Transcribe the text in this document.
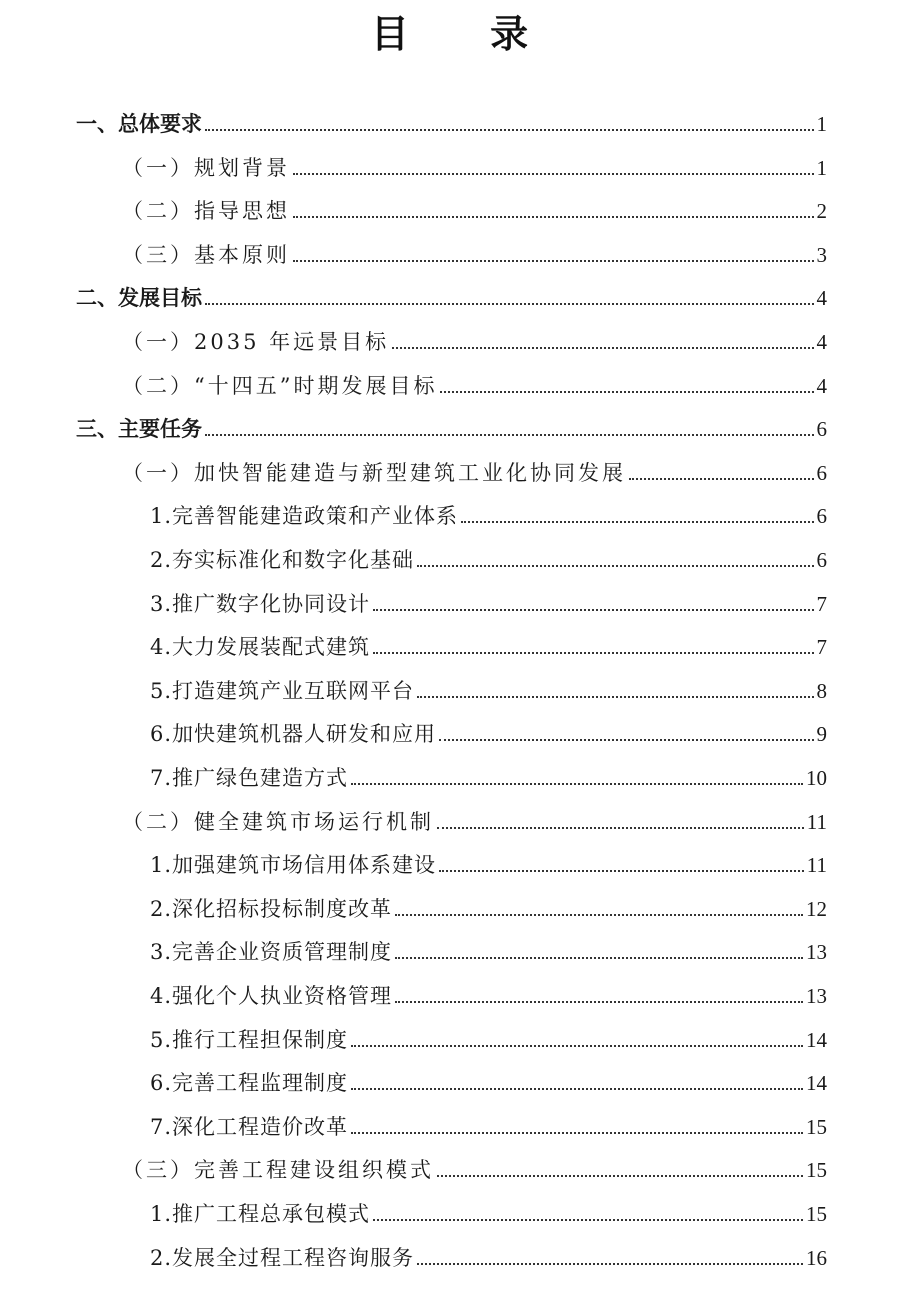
目 录
一、总体要求	1
（一）规划背景	1
（二）指导思想	2
（三）基本原则	3
二、发展目标	4
（一）2035 年远景目标	4
（二）“十四五”时期发展目标	4
三、主要任务	6
（一）加快智能建造与新型建筑工业化协同发展	6
1.完善智能建造政策和产业体系	6
2.夯实标准化和数字化基础	6
3.推广数字化协同设计	7
4.大力发展装配式建筑	7
5.打造建筑产业互联网平台	8
6.加快建筑机器人研发和应用	9
7.推广绿色建造方式	10
（二）健全建筑市场运行机制	11
1.加强建筑市场信用体系建设	11
2.深化招标投标制度改革	12
3.完善企业资质管理制度	13
4.强化个人执业资格管理	13
5.推行工程担保制度	14
6.完善工程监理制度	14
7.深化工程造价改革	15
（三）完善工程建设组织模式	15
1.推广工程总承包模式	15
2.发展全过程工程咨询服务	16
